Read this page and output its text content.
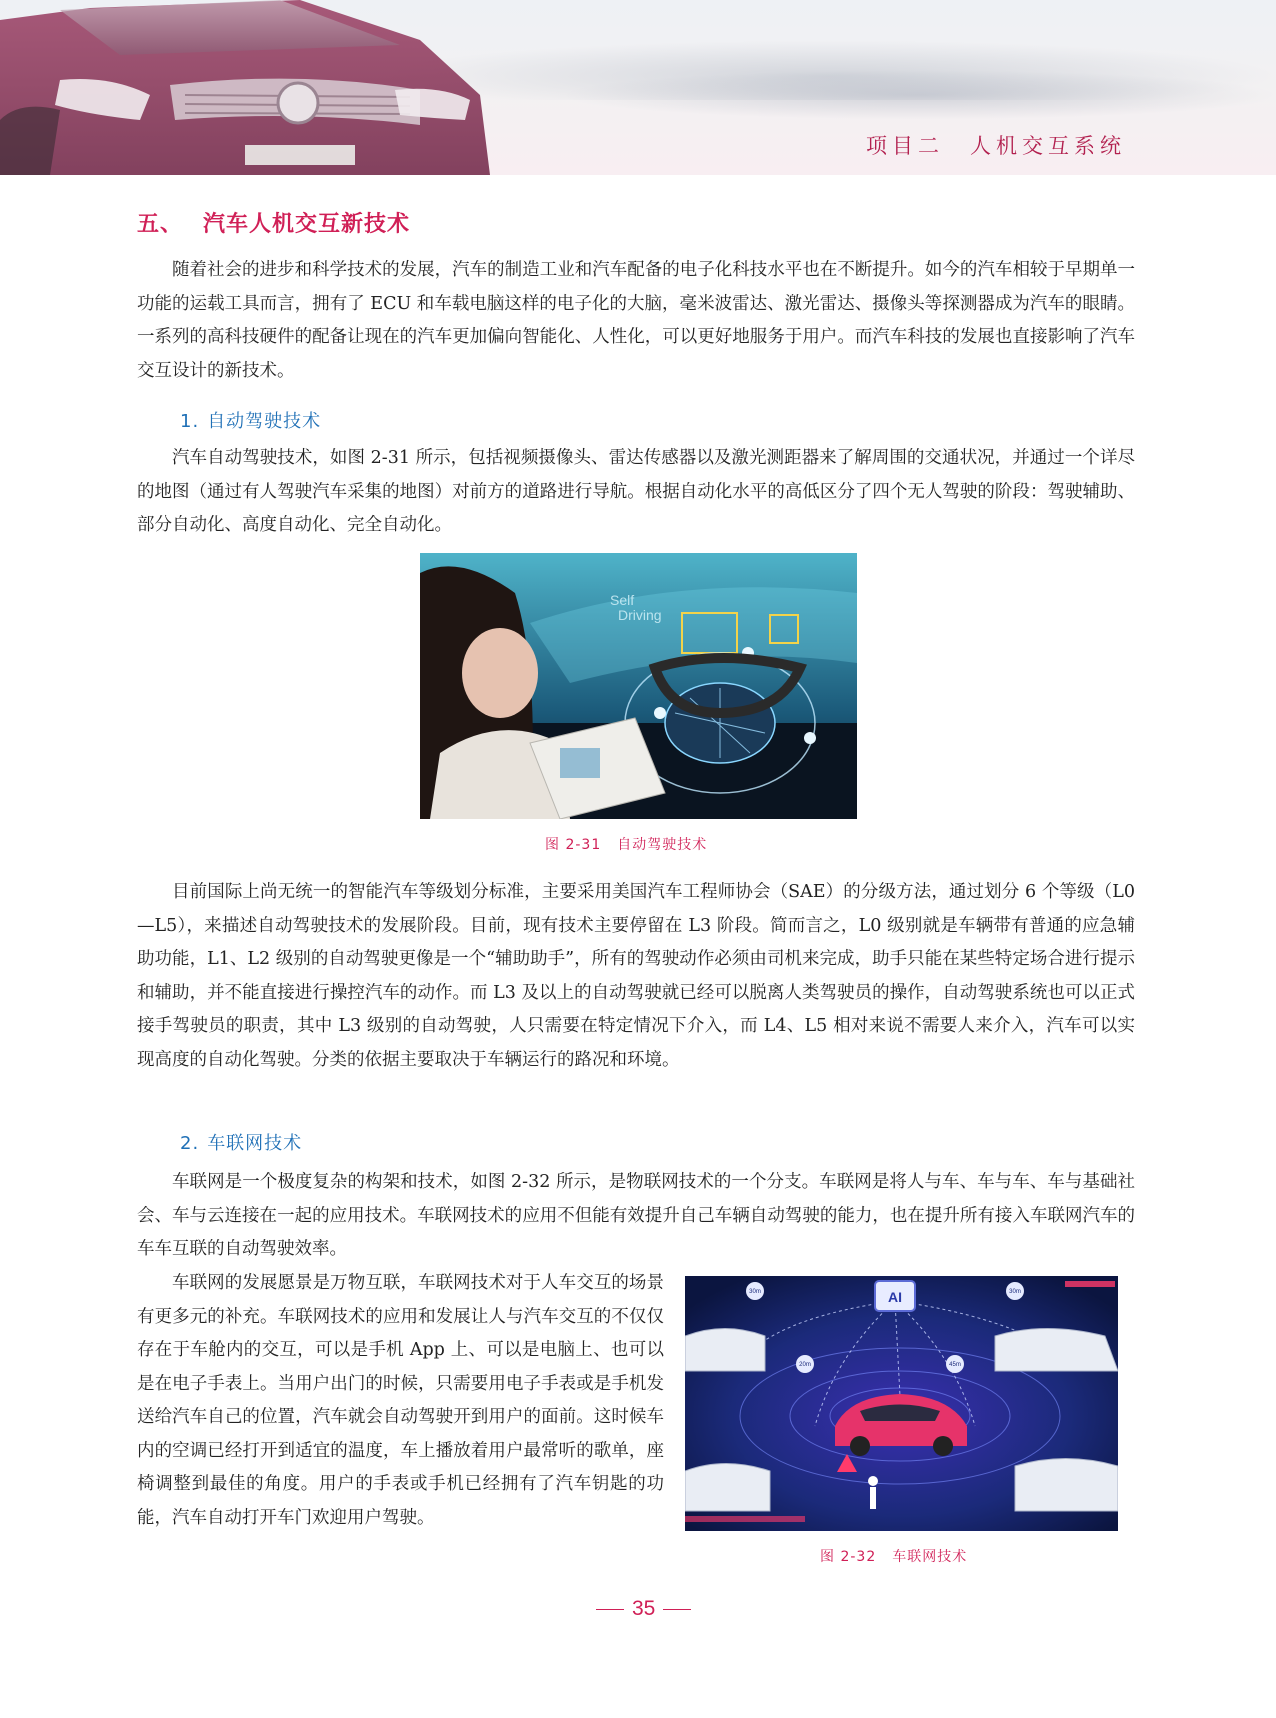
项目二　人机交互系统
五、 汽车人机交互新技术

随着社会的进步和科学技术的发展，汽车的制造工业和汽车配备的电子化科技水平也在不断提升。如今的汽车相较于早期单一功能的运载工具而言，拥有了 ECU 和车载电脑这样的电子化的大脑，毫米波雷达、激光雷达、摄像头等探测器成为汽车的眼睛。一系列的高科技硬件的配备让现在的汽车更加偏向智能化、人性化，可以更好地服务于用户。而汽车科技的发展也直接影响了汽车交互设计的新技术。

1. 自动驾驶技术

汽车自动驾驶技术，如图 2-31 所示，包括视频摄像头、雷达传感器以及激光测距器来了解周围的交通状况，并通过一个详尽的地图（通过有人驾驶汽车采集的地图）对前方的道路进行导航。根据自动化水平的高低区分了四个无人驾驶的阶段：驾驶辅助、部分自动化、高度自动化、完全自动化。

Self
Driving
图 2-31 自动驾驶技术

目前国际上尚无统一的智能汽车等级划分标准，主要采用美国汽车工程师协会（SAE）的分级方法，通过划分 6 个等级（L0—L5），来描述自动驾驶技术的发展阶段。目前，现有技术主要停留在 L3 阶段。简而言之，L0 级别就是车辆带有普通的应急辅助功能，L1、L2 级别的自动驾驶更像是一个“辅助助手”，所有的驾驶动作必须由司机来完成，助手只能在某些特定场合进行提示和辅助，并不能直接进行操控汽车的动作。而 L3 及以上的自动驾驶就已经可以脱离人类驾驶员的操作，自动驾驶系统也可以正式接手驾驶员的职责，其中 L3 级别的自动驾驶，人只需要在特定情况下介入，而 L4、L5 相对来说不需要人来介入，汽车可以实现高度的自动化驾驶。分类的依据主要取决于车辆运行的路况和环境。

2. 车联网技术

车联网是一个极度复杂的构架和技术，如图 2-32 所示，是物联网技术的一个分支。车联网是将人与车、车与车、车与基础社会、车与云连接在一起的应用技术。车联网技术的应用不但能有效提升自己车辆自动驾驶的能力，也在提升所有接入车联网汽车的车车互联的自动驾驶效率。

车联网的发展愿景是万物互联，车联网技术对于人车交互的场景有更多元的补充。车联网技术的应用和发展让人与汽车交互的不仅仅存在于车舱内的交互，可以是手机 App 上、可以是电脑上、也可以是在电子手表上。当用户出门的时候，只需要用电子手表或是手机发送给汽车自己的位置，汽车就会自动驾驶开到用户的面前。这时候车内的空调已经打开到适宜的温度，车上播放着用户最常听的歌单，座椅调整到最佳的角度。用户的手表或手机已经拥有了汽车钥匙的功能，汽车自动打开车门欢迎用户驾驶。

AI
30m	30m
20m	45m
图 2-32 车联网技术
35
